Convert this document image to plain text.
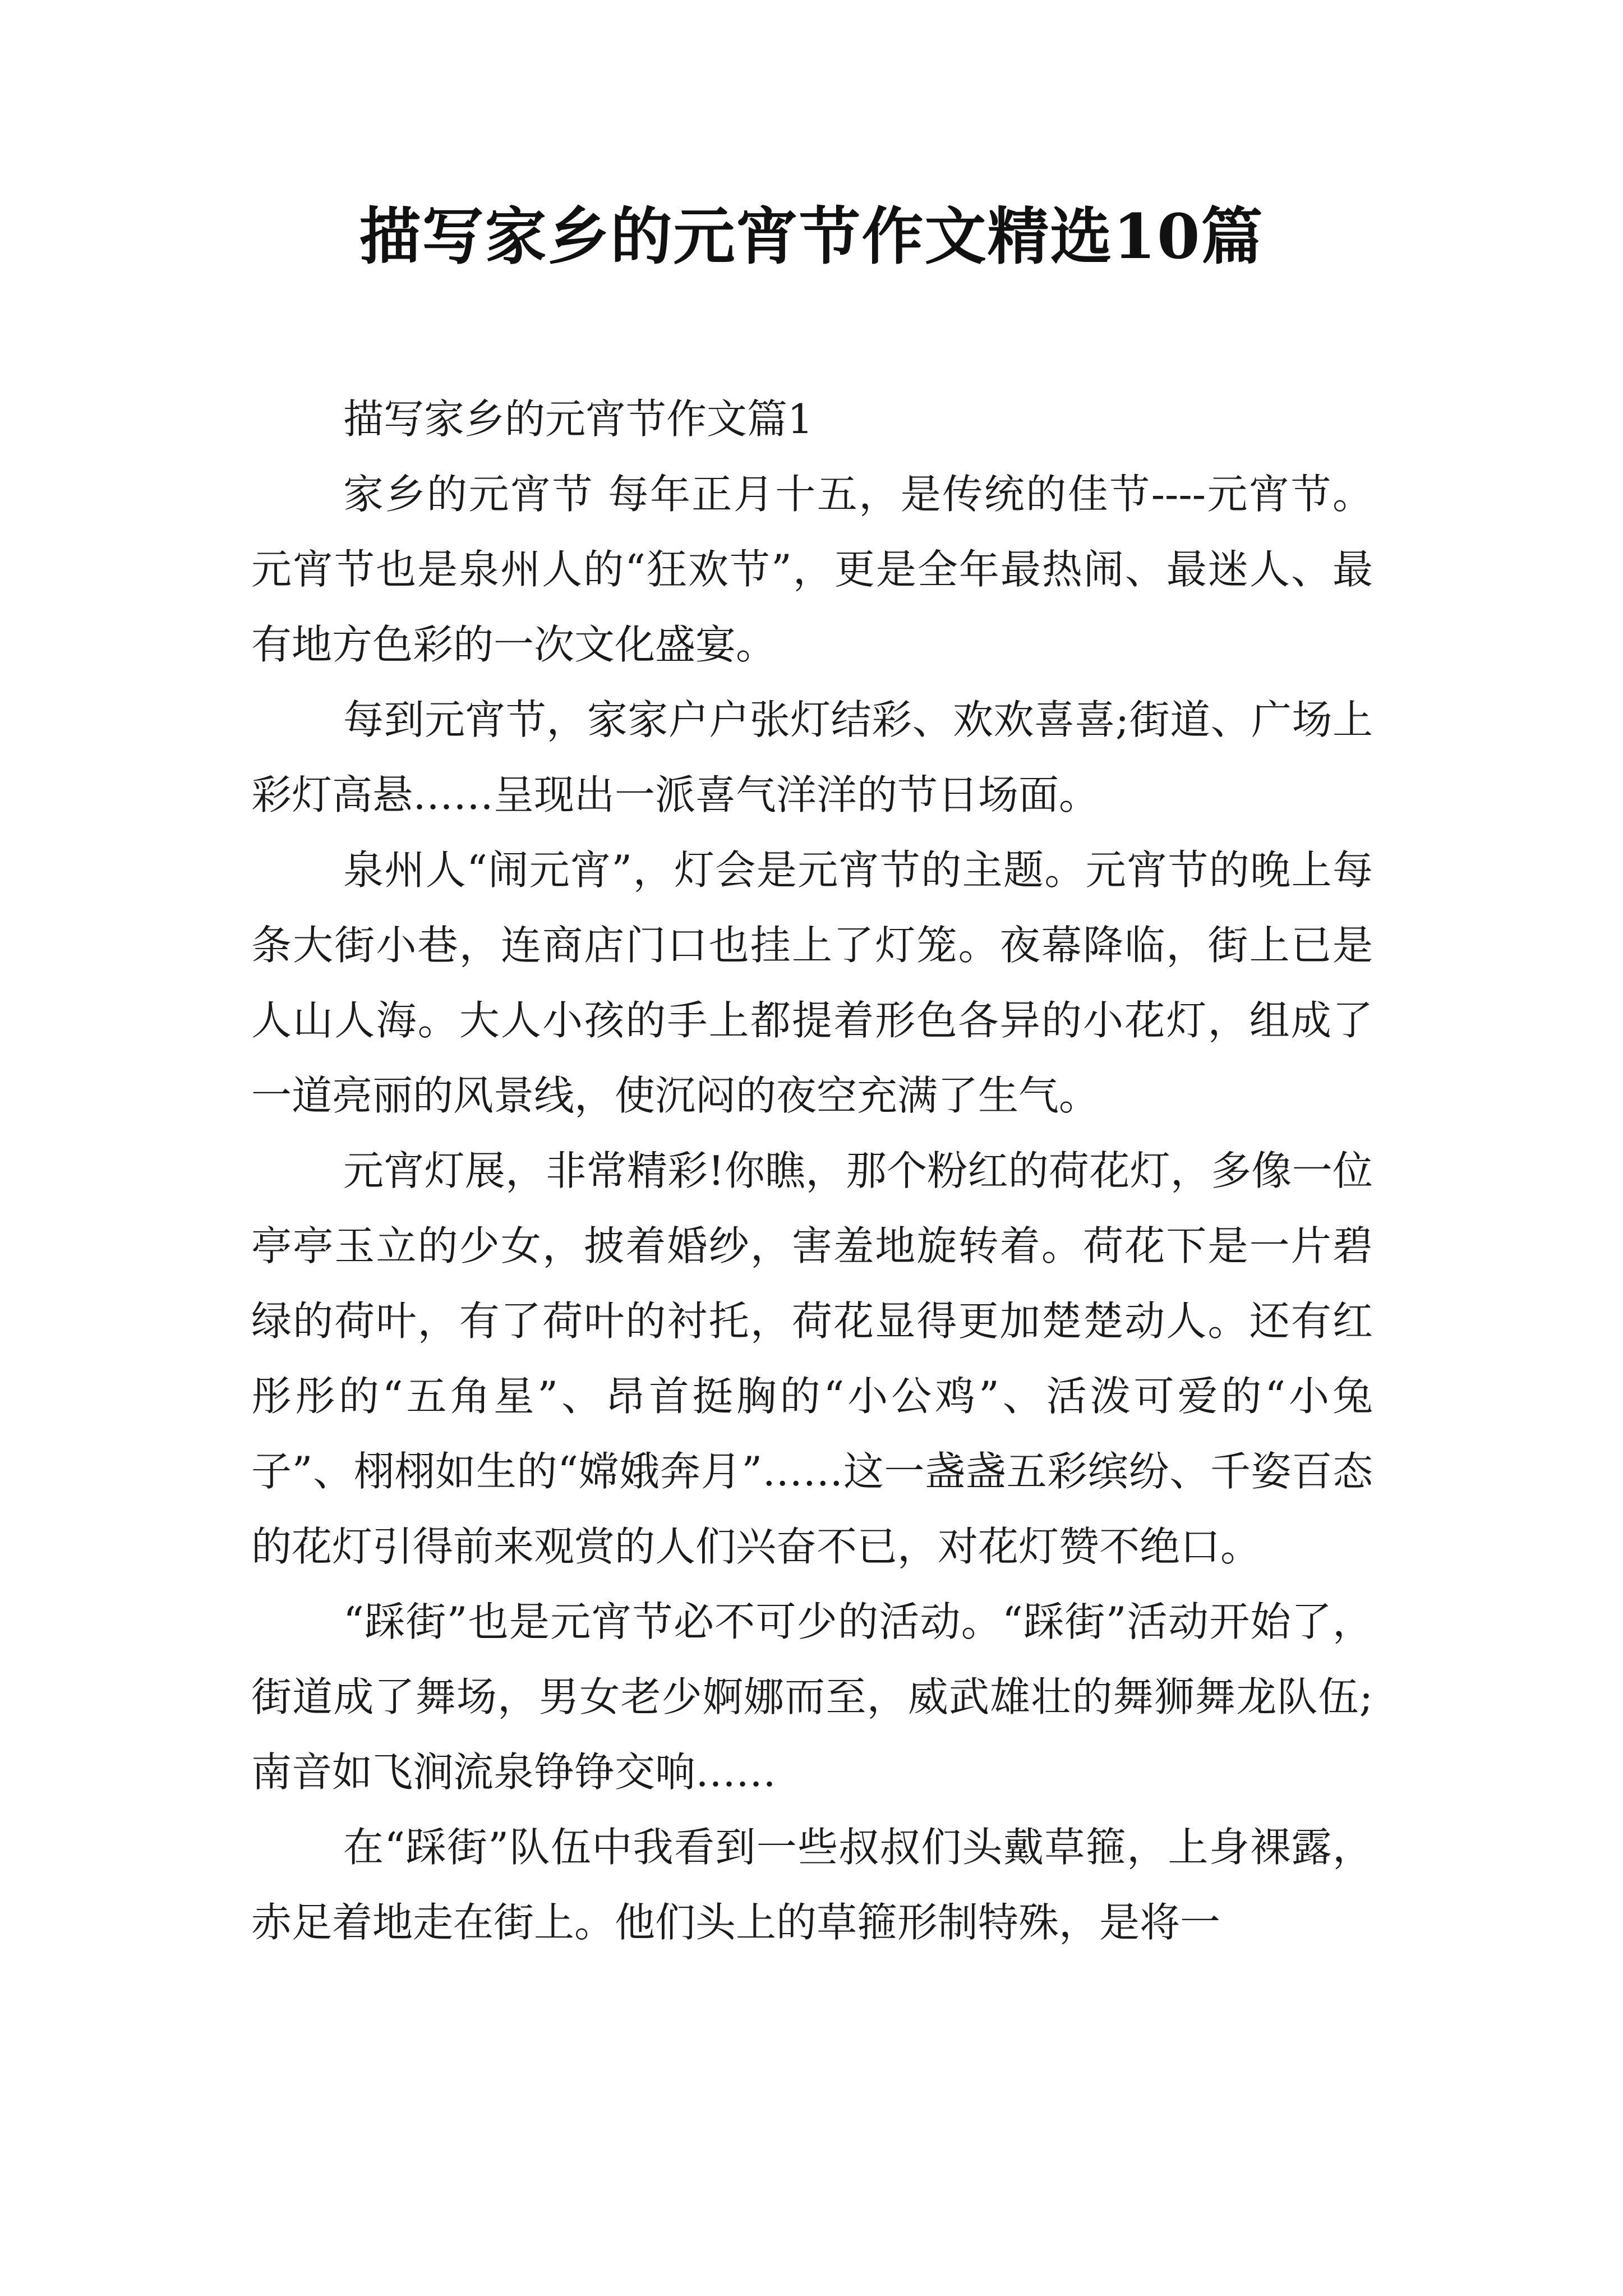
描写家乡的元宵节作文精选10篇

描写家乡的元宵节作文篇1

家乡的元宵节 每年正月十五，是传统的佳节----元宵节。元宵节也是泉州人的“狂欢节”，更是全年最热闹、最迷人、最有地方色彩的一次文化盛宴。

每到元宵节，家家户户张灯结彩、欢欢喜喜;街道、广场上彩灯高悬……呈现出一派喜气洋洋的节日场面。

泉州人“闹元宵”，灯会是元宵节的主题。元宵节的晚上每条大街小巷，连商店门口也挂上了灯笼。夜幕降临，街上已是人山人海。大人小孩的手上都提着形色各异的小花灯，组成了一道亮丽的风景线，使沉闷的夜空充满了生气。

元宵灯展，非常精彩!你瞧，那个粉红的荷花灯，多像一位亭亭玉立的少女，披着婚纱，害羞地旋转着。荷花下是一片碧绿的荷叶，有了荷叶的衬托，荷花显得更加楚楚动人。还有红彤彤的“五角星”、昂首挺胸的“小公鸡”、活泼可爱的“小兔子”、栩栩如生的“嫦娥奔月”……这一盏盏五彩缤纷、千姿百态的花灯引得前来观赏的人们兴奋不已，对花灯赞不绝口。

“踩街”也是元宵节必不可少的活动。“踩街”活动开始了，街道成了舞场，男女老少婀娜而至，威武雄壮的舞狮舞龙队伍;南音如飞涧流泉铮铮交响……

在“踩街”队伍中我看到一些叔叔们头戴草箍，上身裸露，赤足着地走在街上。他们头上的草箍形制特殊，是将一
